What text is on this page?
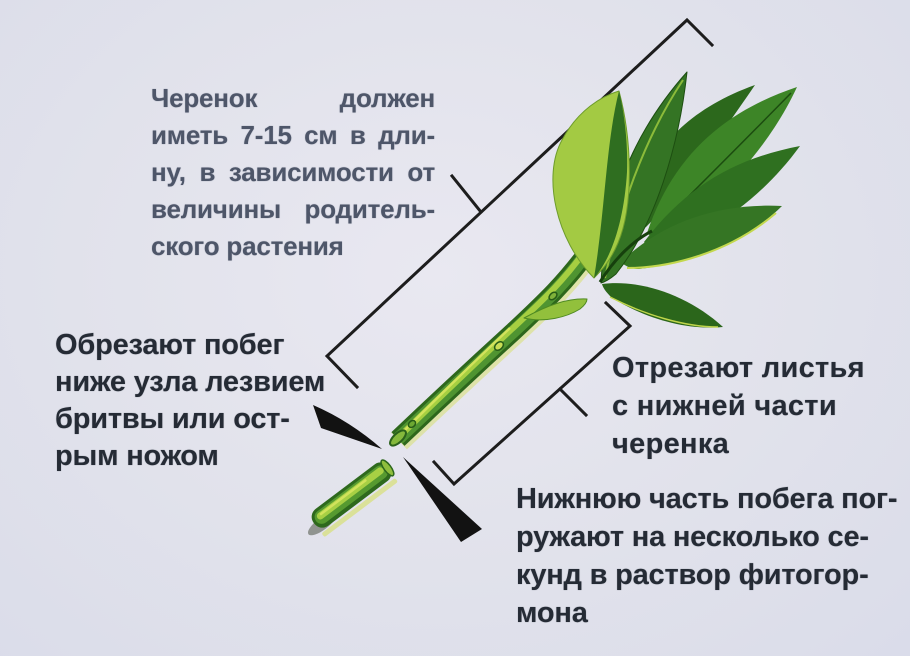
Черенок должен
иметь 7-15 см в дли-
ну, в зависимости от
величины родитель-
ского растения
Обрезают побег
ниже узла лезвием
бритвы или ост-
рым ножом
Отрезают листья
с нижней части
черенка
Нижнюю часть побега пог-
ружают на несколько се-
кунд в раствор фитогор-
мона
